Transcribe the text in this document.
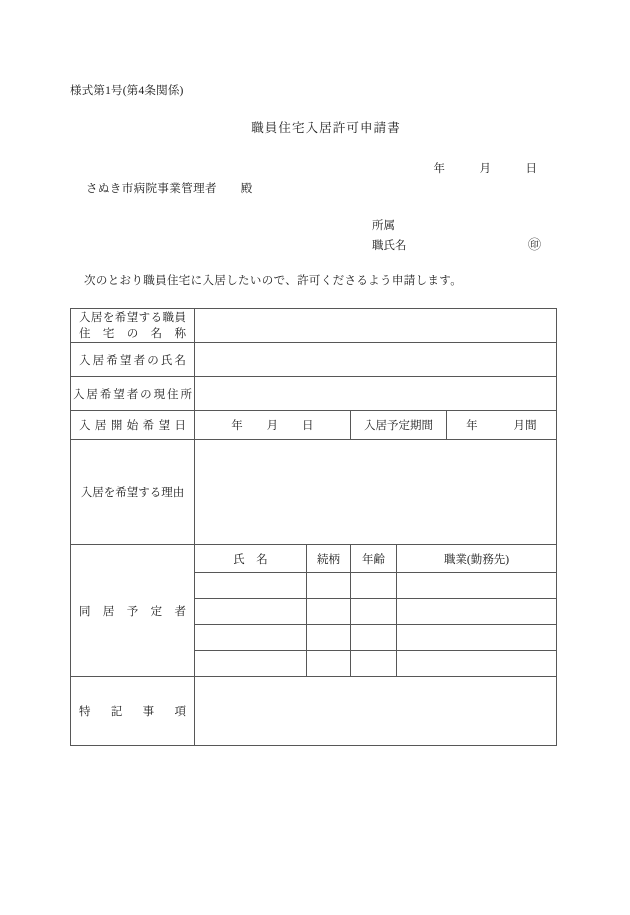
様式第1号(第4条関係)
職員住宅入居許可申請書
年　　　月　　　日
さぬき市病院事業管理者　　殿
所属
職氏名	㊞
次のとおり職員住宅に入居したいので、許可くださるよう申請します。
入居を希望する職員
住宅の名称					

入居希望者の氏名					

入居希望者の現住所					

入居開始希望日	年　　月　　日		入居予定期間		年　　　月間

入居を希望する理由					

同居予定者	氏　名	続柄	年齢	職業(勤務先)	

特記事項					
